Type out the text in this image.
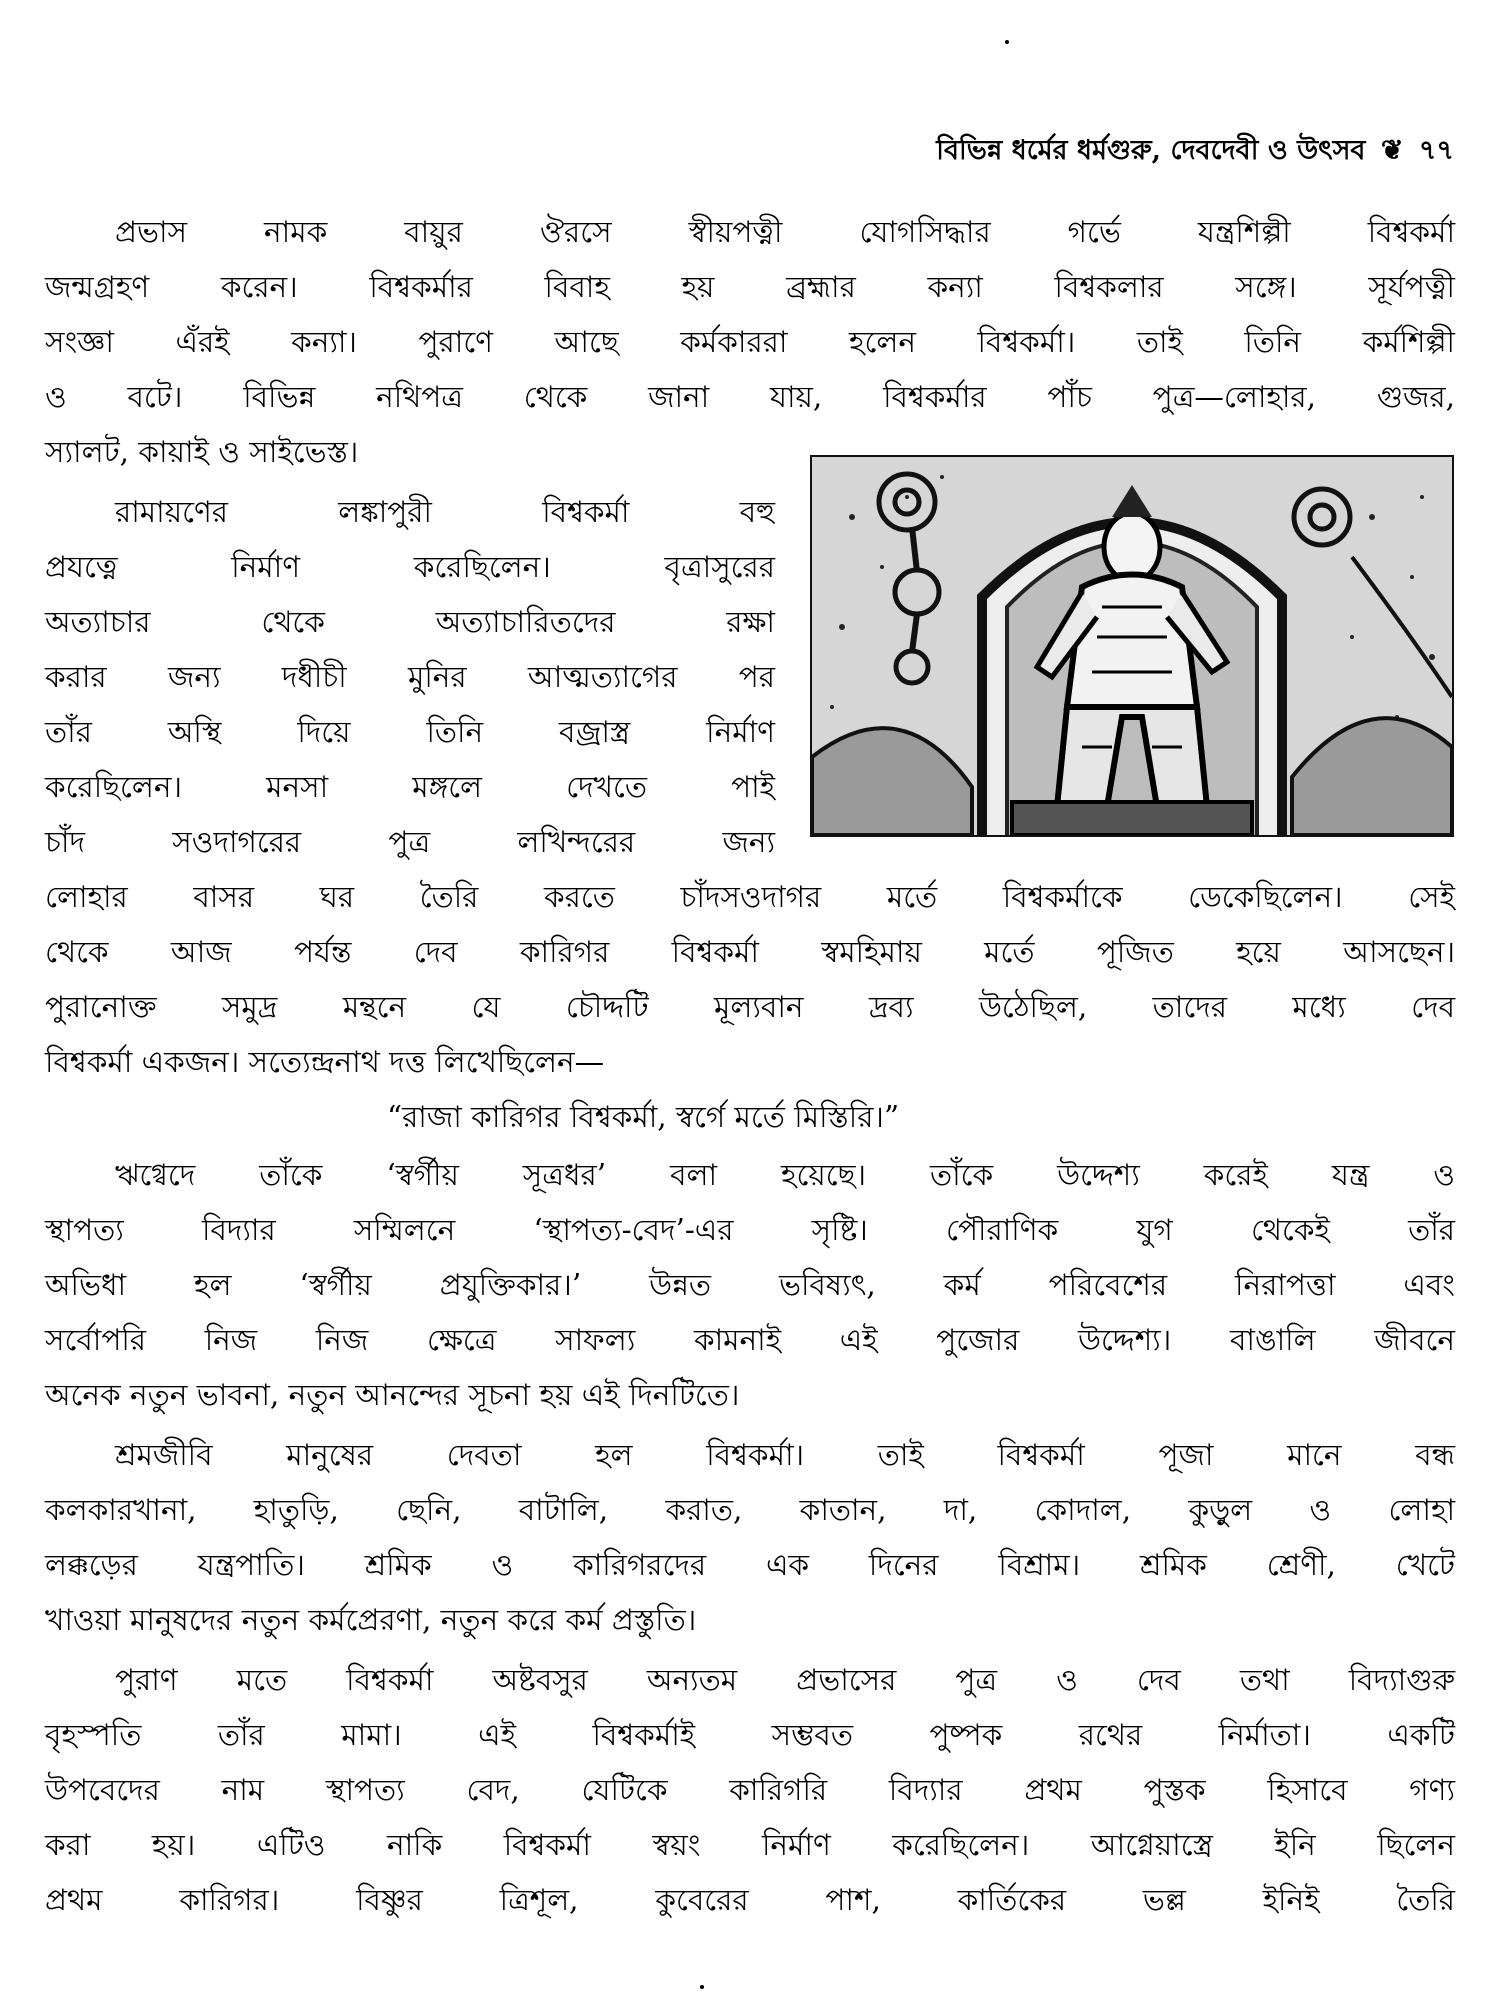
বিভিন্ন ধর্মের ধর্মগুরু, দেবদেবী ও উৎসব ❦ ৭৭
প্রভাস নামক বায়ুর ঔরসে স্বীয়পত্নী যোগসিদ্ধার গর্ভে যন্ত্রশিল্পী বিশ্বকর্মা
জন্মগ্রহণ করেন। বিশ্বকর্মার বিবাহ হয় ব্রহ্মার কন্যা বিশ্বকলার সঙ্গে। সূর্যপত্নী
সংজ্ঞা এঁরই কন্যা। পুরাণে আছে কর্মকাররা হলেন বিশ্বকর্মা। তাই তিনি কর্মশিল্পী
ও বটে। বিভিন্ন নথিপত্র থেকে জানা যায়, বিশ্বকর্মার পাঁচ পুত্র—লোহার, গুজর,
স্যালট, কায়াই ও সাইভেস্ত।
রামায়ণের লঙ্কাপুরী বিশ্বকর্মা বহু
প্রযত্নে নির্মাণ করেছিলেন। বৃত্রাসুরের
অত্যাচার থেকে অত্যাচারিতদের রক্ষা
করার জন্য দধীচী মুনির আত্মত্যাগের পর
তাঁর অস্থি দিয়ে তিনি বজ্রাস্ত্র নির্মাণ
করেছিলেন। মনসা মঙ্গলে দেখতে পাই
চাঁদ সওদাগরের পুত্র লখিন্দরের জন্য
লোহার বাসর ঘর তৈরি করতে চাঁদসওদাগর মর্তে বিশ্বকর্মাকে ডেকেছিলেন। সেই
থেকে আজ পর্যন্ত দেব কারিগর বিশ্বকর্মা স্বমহিমায় মর্তে পূজিত হয়ে আসছেন।
পুরানোক্ত সমুদ্র মন্থনে যে চৌদ্দটি মূল্যবান দ্রব্য উঠেছিল, তাদের মধ্যে দেব
বিশ্বকর্মা একজন। সত্যেন্দ্রনাথ দত্ত লিখেছিলেন—
“রাজা কারিগর বিশ্বকর্মা, স্বর্গে মর্তে মিস্তিরি।”
ঋগ্বেদে তাঁকে ‘স্বর্গীয় সূত্রধর’ বলা হয়েছে। তাঁকে উদ্দেশ্য করেই যন্ত্র ও
স্থাপত্য বিদ্যার সম্মিলনে ‘স্থাপত্য-বেদ’-এর সৃষ্টি। পৌরাণিক যুগ থেকেই তাঁর
অভিধা হল ‘স্বর্গীয় প্রযুক্তিকার।’ উন্নত ভবিষ্যৎ, কর্ম পরিবেশের নিরাপত্তা এবং
সর্বোপরি নিজ নিজ ক্ষেত্রে সাফল্য কামনাই এই পুজোর উদ্দেশ্য। বাঙালি জীবনে
অনেক নতুন ভাবনা, নতুন আনন্দের সূচনা হয় এই দিনটিতে।
শ্রমজীবি মানুষের দেবতা হল বিশ্বকর্মা। তাই বিশ্বকর্মা পূজা মানে বন্ধ
কলকারখানা, হাতুড়ি, ছেনি, বাটালি, করাত, কাতান, দা, কোদাল, কুড়ুল ও লোহা
লক্কড়ের যন্ত্রপাতি। শ্রমিক ও কারিগরদের এক দিনের বিশ্রাম। শ্রমিক শ্রেণী, খেটে
খাওয়া মানুষদের নতুন কর্মপ্রেরণা, নতুন করে কর্ম প্রস্তুতি।
পুরাণ মতে বিশ্বকর্মা অষ্টবসুর অন্যতম প্রভাসের পুত্র ও দেব তথা বিদ্যাগুরু
বৃহস্পতি তাঁর মামা। এই বিশ্বকর্মাই সম্ভবত পুষ্পক রথের নির্মাতা। একটি
উপবেদের নাম স্থাপত্য বেদ, যেটিকে কারিগরি বিদ্যার প্রথম পুস্তক হিসাবে গণ্য
করা হয়। এটিও নাকি বিশ্বকর্মা স্বয়ং নির্মাণ করেছিলেন। আগ্নেয়াস্ত্রে ইনি ছিলেন
প্রথম কারিগর। বিষ্ণুর ত্রিশূল, কুবেরের পাশ, কার্তিকের ভল্ল ইনিই তৈরি
